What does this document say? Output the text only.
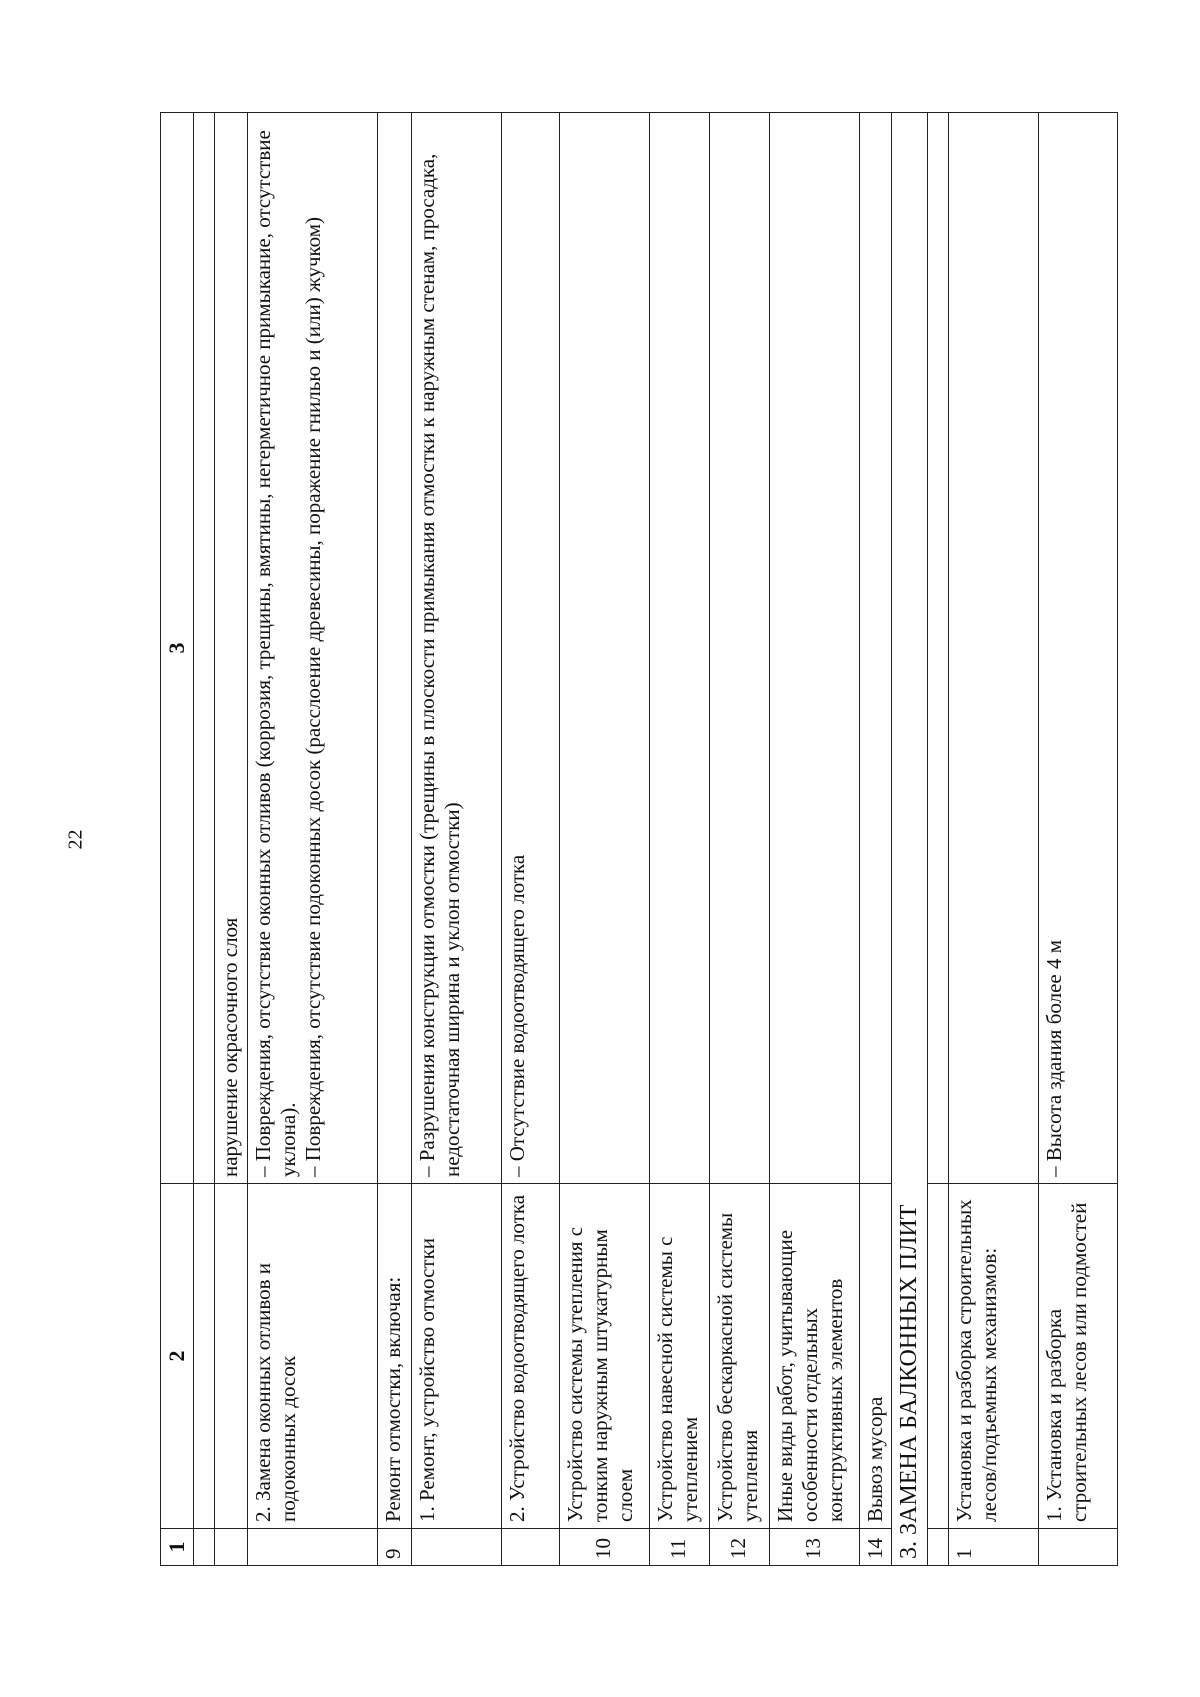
22
1	2	3

		нарушение окрасочного слоя
	2. Замена оконных отливов и подоконных досок	– Повреждения, отсутствие оконных отливов (коррозия, трещины, вмятины, негерметичное примыкание, отсутствие уклона).
– Повреждения, отсутствие подоконных досок (расслоение древесины, поражение гнилью и (или) жучком)
9	Ремонт отмостки, включая:	
	1. Ремонт, устройство отмостки	– Разрушения конструкции отмостки (трещины в плоскости примыкания отмостки к наружным стенам, просадка, недостаточная ширина и уклон отмостки)
	2. Устройство водоотводящего лотка	– Отсутствие водоотводящего лотка
10	Устройство системы утепления с тонким наружным штукатурным слоем	
11	Устройство навесной системы с утеплением	
12	Устройство бескаркасной системы утепления	
13	Иные виды работ, учитывающие особенности отдельных конструктивных элементов	
14	Вывоз мусора	
3. ЗАМЕНА БАЛКОННЫХ ПЛИТ		

1	Установка и разборка строительных лесов/подъемных механизмов:	
	1. Установка и разборка строительных лесов или подмостей	– Высота здания более 4 м
